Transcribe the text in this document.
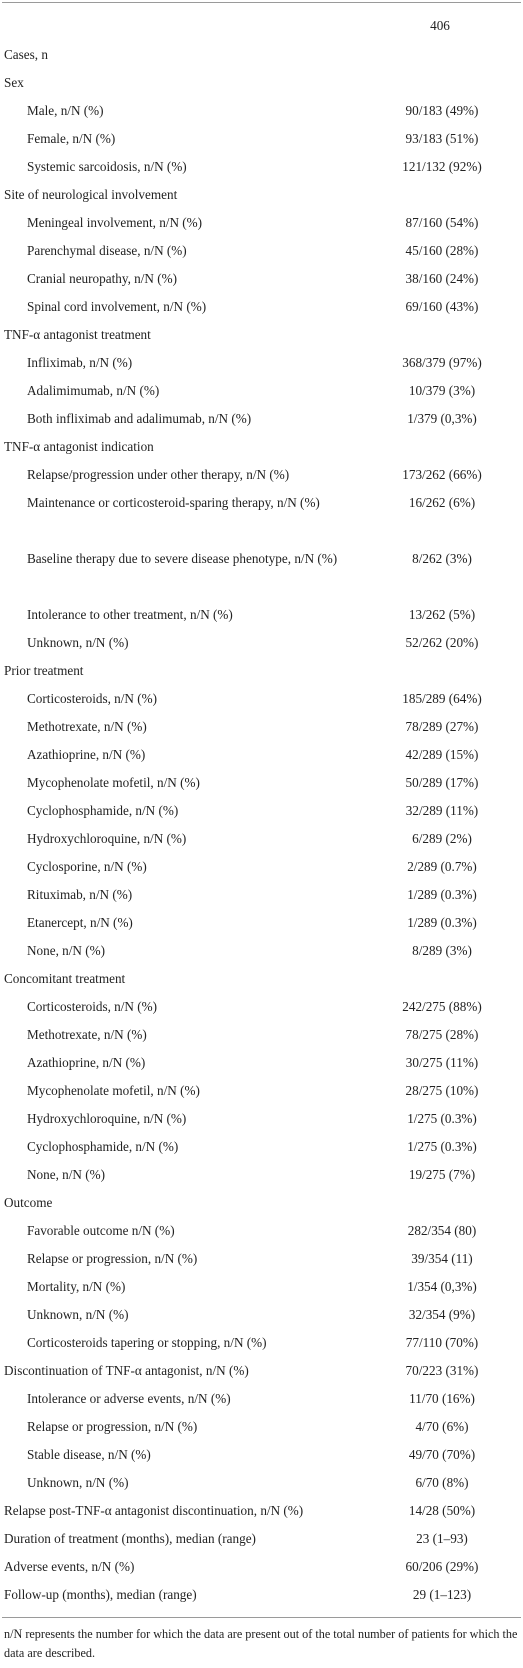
406
Cases, n
Sex
Male, n/N (%)	90/183 (49%)
Female, n/N (%)	93/183 (51%)
Systemic sarcoidosis, n/N (%)	121/132 (92%)
Site of neurological involvement
Meningeal involvement, n/N (%)	87/160 (54%)
Parenchymal disease, n/N (%)	45/160 (28%)
Cranial neuropathy, n/N (%)	38/160 (24%)
Spinal cord involvement, n/N (%)	69/160 (43%)
TNF-α antagonist treatment
Infliximab, n/N (%)	368/379 (97%)
Adalimimumab, n/N (%)	10/379 (3%)
Both infliximab and adalimumab, n/N (%)	1/379 (0,3%)
TNF-α antagonist indication
Relapse/progression under other therapy, n/N (%)	173/262 (66%)
Maintenance or corticosteroid-sparing therapy, n/N (%)	16/262 (6%)
Baseline therapy due to severe disease phenotype, n/N (%)	8/262 (3%)
Intolerance to other treatment, n/N (%)	13/262 (5%)
Unknown, n/N (%)	52/262 (20%)
Prior treatment
Corticosteroids, n/N (%)	185/289 (64%)
Methotrexate, n/N (%)	78/289 (27%)
Azathioprine, n/N (%)	42/289 (15%)
Mycophenolate mofetil, n/N (%)	50/289 (17%)
Cyclophosphamide, n/N (%)	32/289 (11%)
Hydroxychloroquine, n/N (%)	6/289 (2%)
Cyclosporine, n/N (%)	2/289 (0.7%)
Rituximab, n/N (%)	1/289 (0.3%)
Etanercept, n/N (%)	1/289 (0.3%)
None, n/N (%)	8/289 (3%)
Concomitant treatment
Corticosteroids, n/N (%)	242/275 (88%)
Methotrexate, n/N (%)	78/275 (28%)
Azathioprine, n/N (%)	30/275 (11%)
Mycophenolate mofetil, n/N (%)	28/275 (10%)
Hydroxychloroquine, n/N (%)	1/275 (0.3%)
Cyclophosphamide, n/N (%)	1/275 (0.3%)
None, n/N (%)	19/275 (7%)
Outcome
Favorable outcome n/N (%)	282/354 (80)
Relapse or progression, n/N (%)	39/354 (11)
Mortality, n/N (%)	1/354 (0,3%)
Unknown, n/N (%)	32/354 (9%)
Corticosteroids tapering or stopping, n/N (%)	77/110 (70%)
Discontinuation of TNF-α antagonist, n/N (%)	70/223 (31%)
Intolerance or adverse events, n/N (%)	11/70 (16%)
Relapse or progression, n/N (%)	4/70 (6%)
Stable disease, n/N (%)	49/70 (70%)
Unknown, n/N (%)	6/70 (8%)
Relapse post-TNF-α antagonist discontinuation, n/N (%)	14/28 (50%)
Duration of treatment (months), median (range)	23 (1–93)
Adverse events, n/N (%)	60/206 (29%)
Follow-up (months), median (range)	29 (1–123)
n/N represents the number for which the data are present out of the total number of patients for which the data are described.
